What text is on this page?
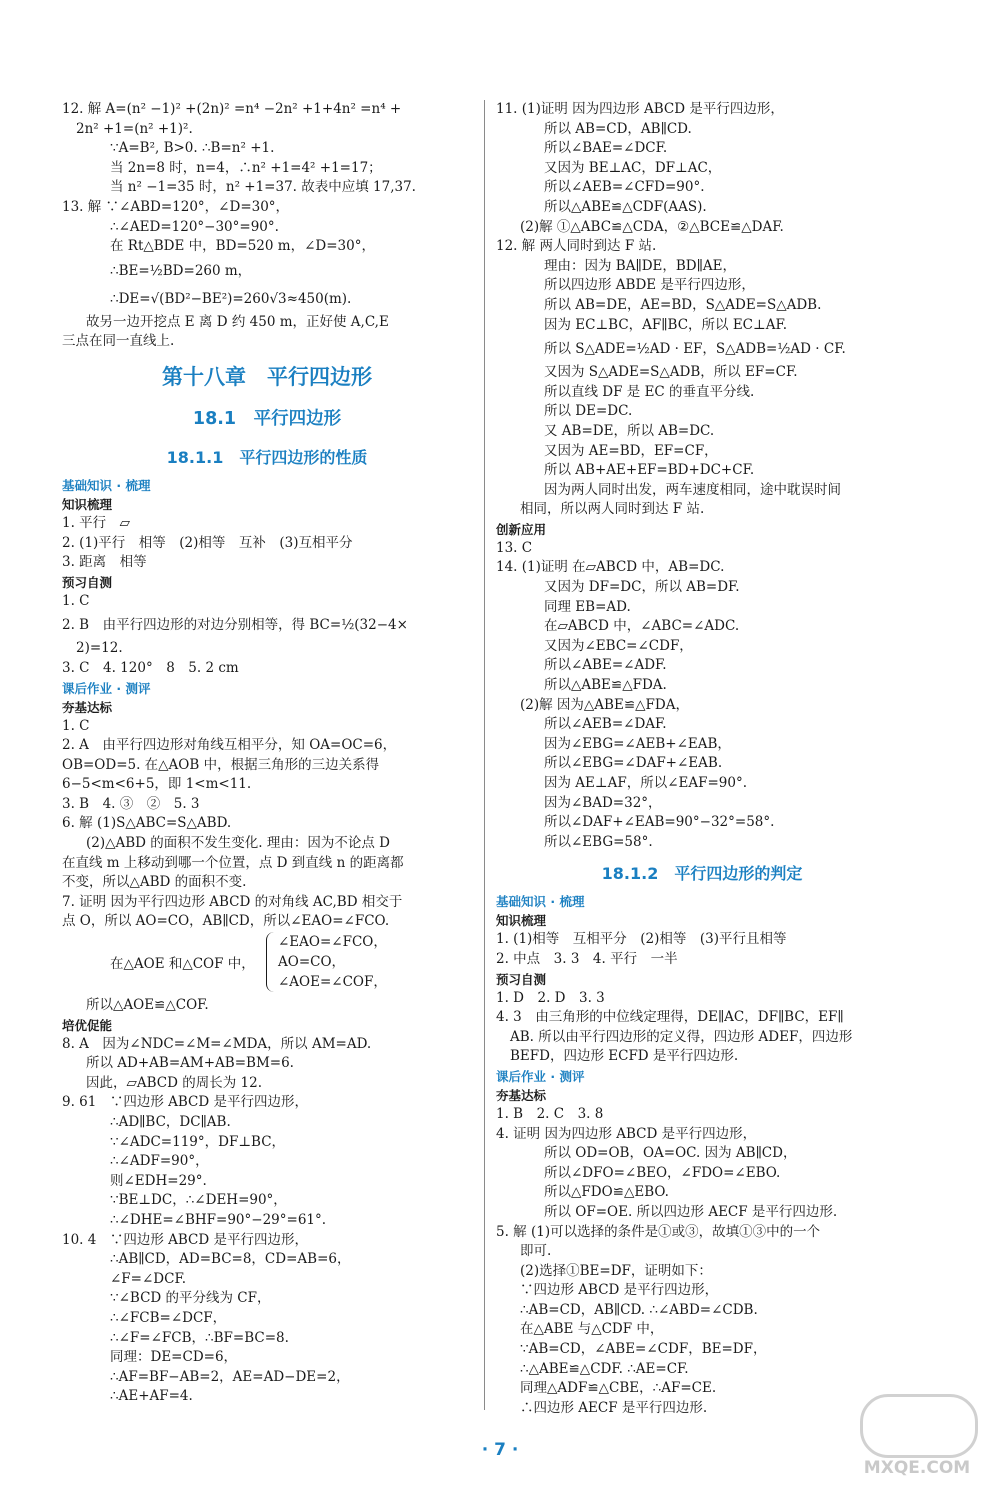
12. 解 A=(n² −1)² +(2n)² =n⁴ −2n² +1+4n² =n⁴ +
2n² +1=(n² +1)².
∵A=B², B>0. ∴B=n² +1.
当 2n=8 时，n=4，∴n² +1=4² +1=17；
当 n² −1=35 时，n² +1=37. 故表中应填 17,37.
13. 解 ∵∠ABD=120°，∠D=30°，
∴∠AED=120°−30°=90°.
在 Rt△BDE 中，BD=520 m，∠D=30°，
∴BE=½BD=260 m，
∴DE=√(BD²−BE²)=260√3≈450(m).
故另一边开挖点 E 离 D 约 450 m，正好使 A,C,E
三点在同一直线上.
第十八章　平行四边形
18.1　平行四边形
18.1.1　平行四边形的性质
基础知识 · 梳理
知识梳理
1. 平行　▱
2. (1)平行　相等　(2)相等　互补　(3)互相平分
3. 距离　相等
预习自测
1. C
2. B　由平行四边形的对边分别相等，得 BC=½(32−4×
2)=12.
3. C　4. 120°　8　5. 2 cm
课后作业 · 测评
夯基达标
1. C
2. A　由平行四边形对角线互相平分，知 OA=OC=6，
OB=OD=5. 在△AOB 中，根据三角形的三边关系得
6−5<m<6+5，即 1<m<11.
3. B　4. ③　②　5. 3
6. 解 (1)S△ABC=S△ABD.
(2)△ABD 的面积不发生变化. 理由：因为不论点 D
在直线 m 上移动到哪一个位置，点 D 到直线 n 的距离都
不变，所以△ABD 的面积不变.
7. 证明 因为平行四边形 ABCD 的对角线 AC,BD 相交于
点 O，所以 AO=CO，AB∥CD，所以∠EAO=∠FCO.
在△AOE 和△COF 中，
∠EAO=∠FCO，
AO=CO，
∠AOE=∠COF，
所以△AOE≌△COF.
培优促能
8. A　因为∠NDC=∠M=∠MDA，所以 AM=AD.
所以 AD+AB=AM+AB=BM=6.
因此，▱ABCD 的周长为 12.
9. 61　∵四边形 ABCD 是平行四边形，
∴AD∥BC，DC∥AB.
∵∠ADC=119°，DF⊥BC，
∴∠ADF=90°，
则∠EDH=29°.
∵BE⊥DC，∴∠DEH=90°，
∴∠DHE=∠BHF=90°−29°=61°.
10. 4　∵四边形 ABCD 是平行四边形，
∴AB∥CD，AD=BC=8，CD=AB=6，
∠F=∠DCF.
∵∠BCD 的平分线为 CF，
∴∠FCB=∠DCF，
∴∠F=∠FCB，∴BF=BC=8.
同理：DE=CD=6，
∴AF=BF−AB=2，AE=AD−DE=2，
∴AE+AF=4.
11. (1)证明 因为四边形 ABCD 是平行四边形，
所以 AB=CD，AB∥CD.
所以∠BAE=∠DCF.
又因为 BE⊥AC，DF⊥AC，
所以∠AEB=∠CFD=90°.
所以△ABE≌△CDF(AAS).
(2)解 ①△ABC≌△CDA，②△BCE≌△DAF.
12. 解 两人同时到达 F 站.
理由：因为 BA∥DE，BD∥AE，
所以四边形 ABDE 是平行四边形，
所以 AB=DE，AE=BD，S△ADE=S△ADB.
因为 EC⊥BC，AF∥BC，所以 EC⊥AF.
所以 S△ADE=½AD · EF，S△ADB=½AD · CF.
又因为 S△ADE=S△ADB，所以 EF=CF.
所以直线 DF 是 EC 的垂直平分线.
所以 DE=DC.
又 AB=DE，所以 AB=DC.
又因为 AE=BD，EF=CF，
所以 AB+AE+EF=BD+DC+CF.
因为两人同时出发，两车速度相同，途中耽误时间
相同，所以两人同时到达 F 站.
创新应用
13. C
14. (1)证明 在▱ABCD 中，AB=DC.
又因为 DF=DC，所以 AB=DF.
同理 EB=AD.
在▱ABCD 中，∠ABC=∠ADC.
又因为∠EBC=∠CDF，
所以∠ABE=∠ADF.
所以△ABE≌△FDA.
(2)解 因为△ABE≌△FDA，
所以∠AEB=∠DAF.
因为∠EBG=∠AEB+∠EAB，
所以∠EBG=∠DAF+∠EAB.
因为 AE⊥AF，所以∠EAF=90°.
因为∠BAD=32°，
所以∠DAF+∠EAB=90°−32°=58°.
所以∠EBG=58°.
18.1.2　平行四边形的判定
基础知识 · 梳理
知识梳理
1. (1)相等　互相平分　(2)相等　(3)平行且相等
2. 中点　3. 3　4. 平行　一半
预习自测
1. D　2. D　3. 3
4. 3　由三角形的中位线定理得，DE∥AC，DF∥BC，EF∥
AB. 所以由平行四边形的定义得，四边形 ADEF，四边形
BEFD，四边形 ECFD 是平行四边形.
课后作业 · 测评
夯基达标
1. B　2. C　3. 8
4. 证明 因为四边形 ABCD 是平行四边形，
所以 OD=OB，OA=OC. 因为 AB∥CD，
所以∠DFO=∠BEO，∠FDO=∠EBO.
所以△FDO≌△EBO.
所以 OF=OE. 所以四边形 AECF 是平行四边形.
5. 解 (1)可以选择的条件是①或③，故填①③中的一个
即可.
(2)选择①BE=DF，证明如下：
∵四边形 ABCD 是平行四边形，
∴AB=CD，AB∥CD. ∴∠ABD=∠CDB.
在△ABE 与△CDF 中，
∵AB=CD，∠ABE=∠CDF，BE=DF，
∴△ABE≌△CDF. ∴AE=CF.
同理△ADF≌△CBE，∴AF=CE.
∴四边形 AECF 是平行四边形.
· 7 ·
MXQE.COM
